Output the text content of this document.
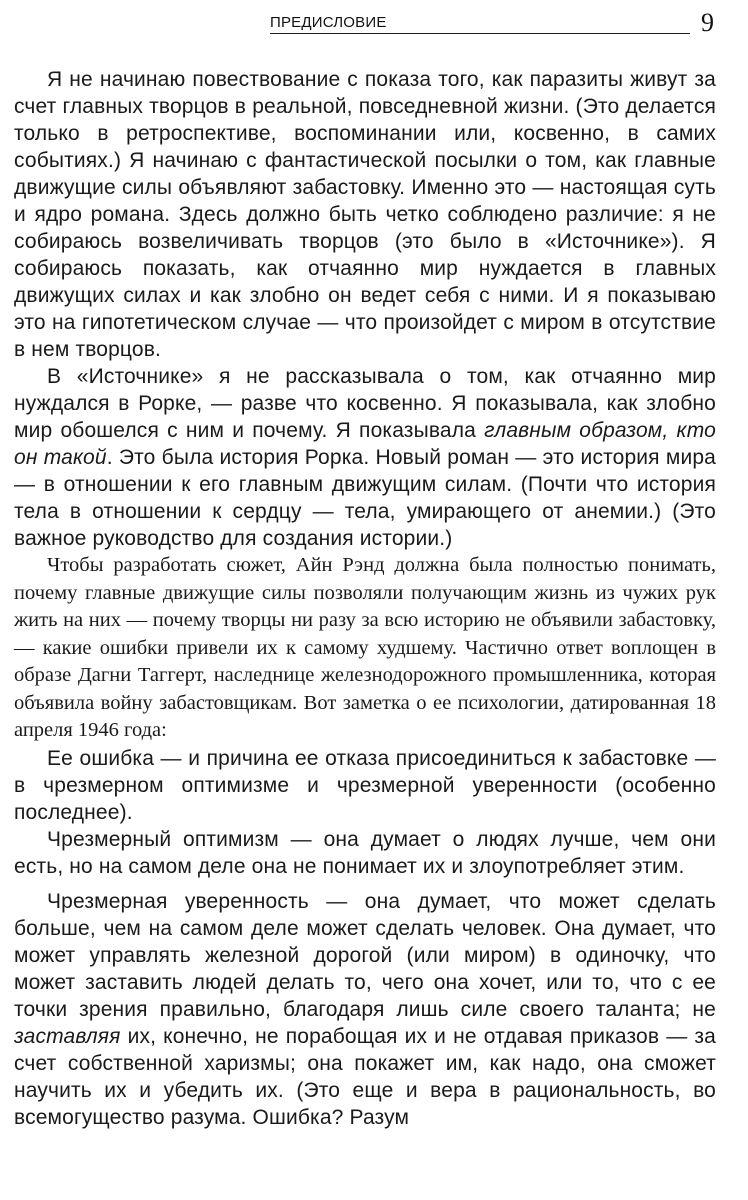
ПРЕДИСЛОВИЕ	9

Я не начинаю повествование с показа того, как паразиты живут за счет главных творцов в реальной, повседневной жизни. (Это делается только в ретроспективе, воспоминании или, косвенно, в самих событиях.) Я начинаю с фантастической посылки о том, как главные движущие силы объявляют забастовку. Именно это — настоящая суть и ядро романа. Здесь должно быть четко соблюдено различие: я не собираюсь возвеличивать творцов (это было в «Источнике»). Я собираюсь показать, как отчаянно мир нуждается в главных движущих силах и как злобно он ведет себя с ними. И я показываю это на гипотетическом случае — что произойдет с миром в отсутствие в нем творцов.

В «Источнике» я не рассказывала о том, как отчаянно мир нуждался в Рорке, — разве что косвенно. Я показывала, как злобно мир обошелся с ним и почему. Я показывала главным образом, кто он такой. Это была история Рорка. Новый роман — это история мира — в отношении к его главным движущим силам. (Почти что история тела в отношении к сердцу — тела, умирающего от анемии.) (Это важное руководство для создания истории.)

Чтобы разработать сюжет, Айн Рэнд должна была полностью понимать, почему главные движущие силы позволяли получающим жизнь из чужих рук жить на них — почему творцы ни разу за всю историю не объявили забастовку, — какие ошибки привели их к самому худшему. Частично ответ воплощен в образе Дагни Таггерт, наследнице железнодорожного промышленника, которая объявила войну забастовщикам. Вот заметка о ее психологии, датированная 18 апреля 1946 года:

Ее ошибка — и причина ее отказа присоединиться к забастовке — в чрезмерном оптимизме и чрезмерной уверенности (особенно последнее).

Чрезмерный оптимизм — она думает о людях лучше, чем они есть, но на самом деле она не понимает их и злоупотребляет этим.

Чрезмерная уверенность — она думает, что может сделать больше, чем на самом деле может сделать человек. Она думает, что может управлять железной дорогой (или миром) в одиночку, что может заставить людей делать то, чего она хочет, или то, что с ее точки зрения правильно, благодаря лишь силе своего таланта; не заставляя их, конечно, не порабощая их и не отдавая приказов — за счет собственной харизмы; она покажет им, как надо, она сможет научить их и убедить их. (Это еще и вера в рациональность, во всемогущество разума. Ошибка? Разум
